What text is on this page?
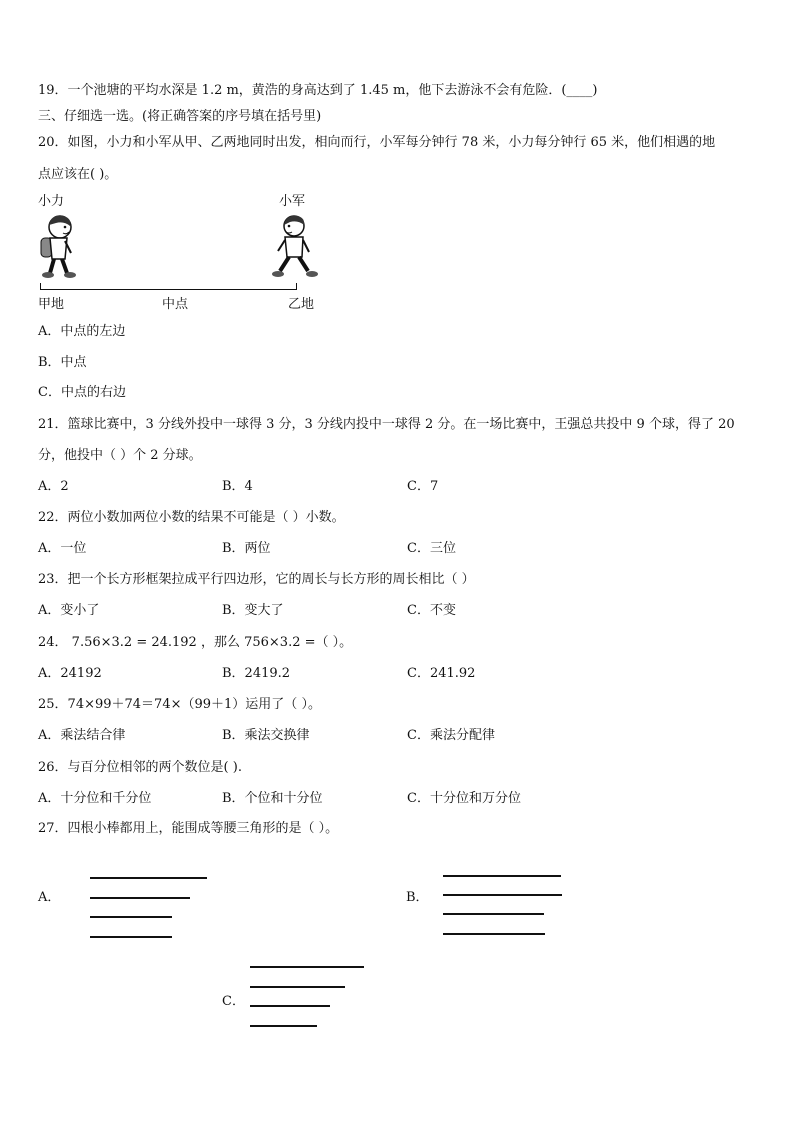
19．一个池塘的平均水深是 1.2 m，黄浩的身高达到了 1.45 m，他下去游泳不会有危险．(____)
三、仔细选一选。(将正确答案的序号填在括号里)
20．如图，小力和小军从甲、乙两地同时出发，相向而行，小军每分钟行 78 米，小力每分钟行 65 米，他们相遇的地
点应该在( )。
小力	小军
甲地	中点	乙地
A．中点的左边
B．中点
C．中点的右边
21．篮球比赛中，3 分线外投中一球得 3 分，3 分线内投中一球得 2 分。在一场比赛中，王强总共投中 9 个球，得了 20
分，他投中（ ）个 2 分球。
A．2	B．4	C．7
22．两位小数加两位小数的结果不可能是（ ）小数。
A．一位	B．两位	C．三位
23．把一个长方形框架拉成平行四边形，它的周长与长方形的周长相比（ ）
A．变小了	B．变大了	C．不变
24． 7.56×3.2 = 24.192 ，那么 756×3.2 =（ ）。
A．24192	B．2419.2	C．241.92
25．74×99＋74＝74×（99＋1）运用了（ ）。
A．乘法结合律	B．乘法交换律	C．乘法分配律
26．与百分位相邻的两个数位是( ).
A．十分位和千分位	B．个位和十分位	C．十分位和万分位
27．四根小棒都用上，能围成等腰三角形的是（ ）。
A．	B．
C．
